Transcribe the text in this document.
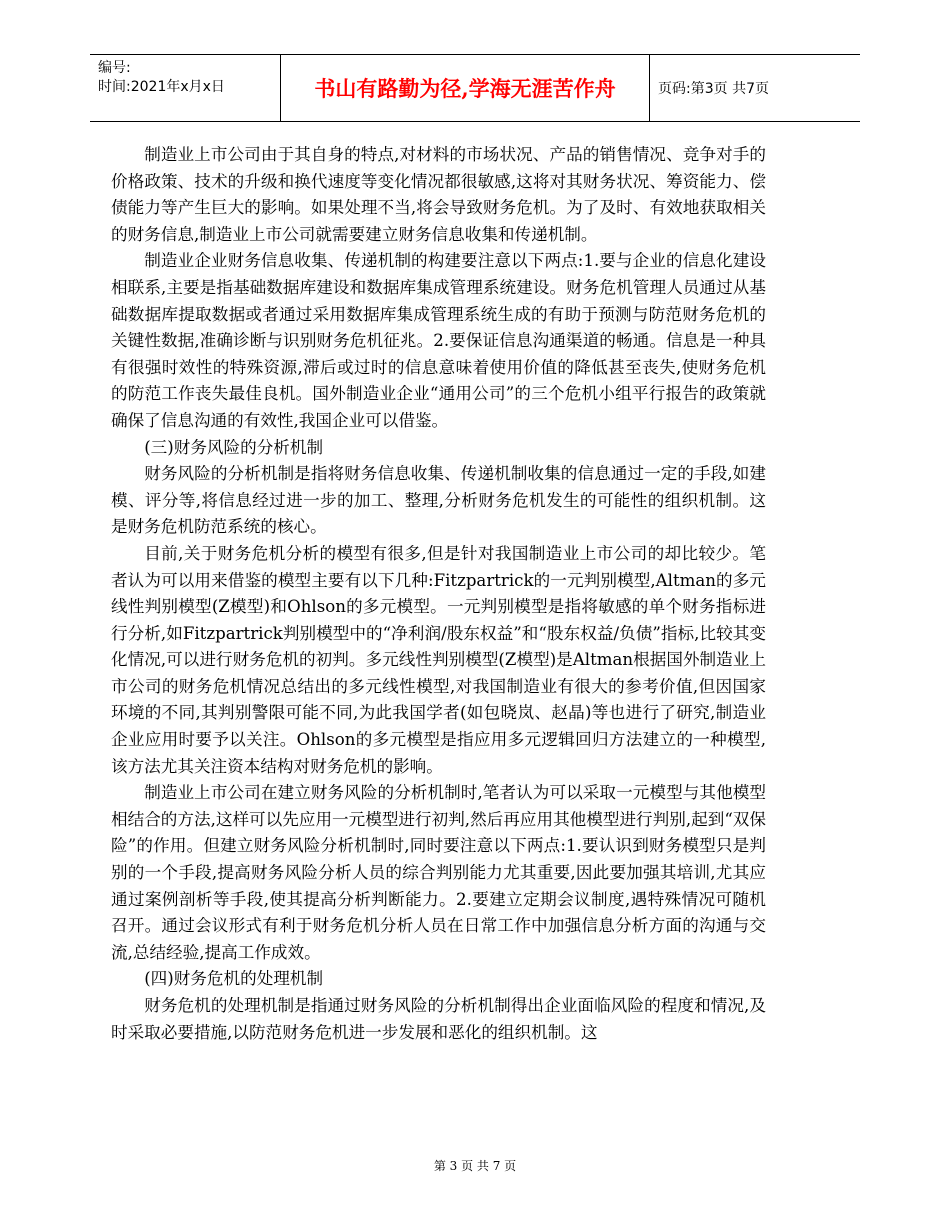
编号:
时间:2021年x月x日	书山有路勤为径,学海无涯苦作舟	页码:第3页 共7页

制造业上市公司由于其自身的特点,对材料的市场状况、产品的销售情况、竞争对手的价格政策、技术的升级和换代速度等变化情况都很敏感,这将对其财务状况、筹资能力、偿债能力等产生巨大的影响。如果处理不当,将会导致财务危机。为了及时、有效地获取相关的财务信息,制造业上市公司就需要建立财务信息收集和传递机制。

制造业企业财务信息收集、传递机制的构建要注意以下两点:1.要与企业的信息化建设相联系,主要是指基础数据库建设和数据库集成管理系统建设。财务危机管理人员通过从基础数据库提取数据或者通过采用数据库集成管理系统生成的有助于预测与防范财务危机的关键性数据,准确诊断与识别财务危机征兆。2.要保证信息沟通渠道的畅通。信息是一种具有很强时效性的特殊资源,滞后或过时的信息意味着使用价值的降低甚至丧失,使财务危机的防范工作丧失最佳良机。国外制造业企业“通用公司”的三个危机小组平行报告的政策就确保了信息沟通的有效性,我国企业可以借鉴。

(三)财务风险的分析机制

财务风险的分析机制是指将财务信息收集、传递机制收集的信息通过一定的手段,如建模、评分等,将信息经过进一步的加工、整理,分析财务危机发生的可能性的组织机制。这是财务危机防范系统的核心。

目前,关于财务危机分析的模型有很多,但是针对我国制造业上市公司的却比较少。笔者认为可以用来借鉴的模型主要有以下几种:Fitzpartrick的一元判别模型,Altman的多元线性判别模型(Z模型)和Ohlson的多元模型。一元判别模型是指将敏感的单个财务指标进行分析,如Fitzpartrick判别模型中的“净利润/股东权益”和“股东权益/负债”指标,比较其变化情况,可以进行财务危机的初判。多元线性判别模型(Z模型)是Altman根据国外制造业上市公司的财务危机情况总结出的多元线性模型,对我国制造业有很大的参考价值,但因国家环境的不同,其判别警限可能不同,为此我国学者(如包晓岚、赵晶)等也进行了研究,制造业企业应用时要予以关注。Ohlson的多元模型是指应用多元逻辑回归方法建立的一种模型,该方法尤其关注资本结构对财务危机的影响。

制造业上市公司在建立财务风险的分析机制时,笔者认为可以采取一元模型与其他模型相结合的方法,这样可以先应用一元模型进行初判,然后再应用其他模型进行判别,起到“双保险”的作用。但建立财务风险分析机制时,同时要注意以下两点:1.要认识到财务模型只是判别的一个手段,提高财务风险分析人员的综合判别能力尤其重要,因此要加强其培训,尤其应通过案例剖析等手段,使其提高分析判断能力。2.要建立定期会议制度,遇特殊情况可随机召开。通过会议形式有利于财务危机分析人员在日常工作中加强信息分析方面的沟通与交流,总结经验,提高工作成效。

(四)财务危机的处理机制

财务危机的处理机制是指通过财务风险的分析机制得出企业面临风险的程度和情况,及时采取必要措施,以防范财务危机进一步发展和恶化的组织机制。这

第 3 页 共 7 页
